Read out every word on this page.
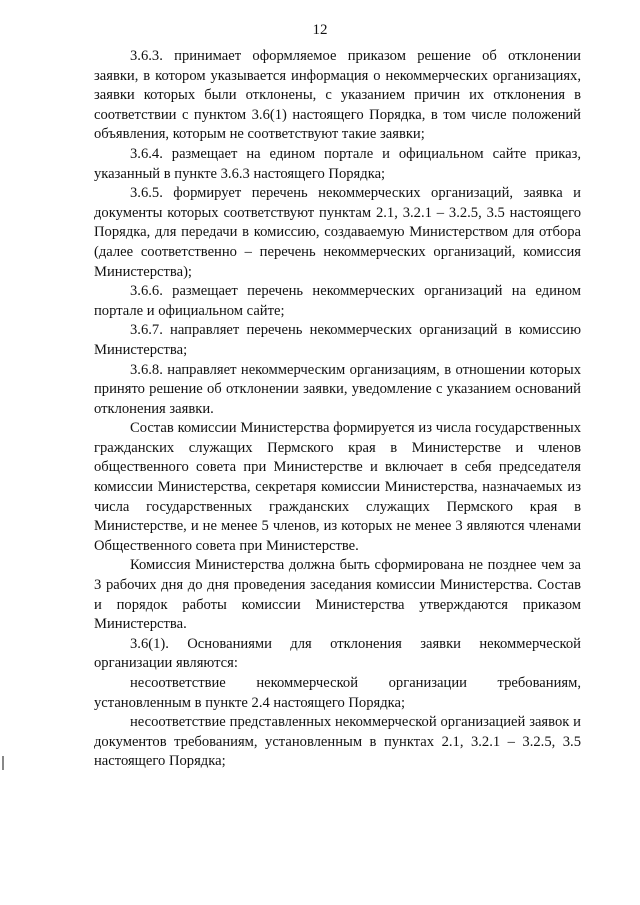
12

3.6.3. принимает оформляемое приказом решение об отклонении заявки, в котором указывается информация о некоммерческих организациях, заявки которых были отклонены, с указанием причин их отклонения в соответствии с пунктом 3.6(1) настоящего Порядка, в том числе положений объявления, которым не соответствуют такие заявки;

3.6.4. размещает на едином портале и официальном сайте приказ, указанный в пункте 3.6.3 настоящего Порядка;

3.6.5. формирует перечень некоммерческих организаций, заявка и документы которых соответствуют пунктам 2.1, 3.2.1 – 3.2.5, 3.5 настоящего Порядка, для передачи в комиссию, создаваемую Министерством для отбора (далее соответственно – перечень некоммерческих организаций, комиссия Министерства);

3.6.6. размещает перечень некоммерческих организаций на едином портале и официальном сайте;

3.6.7. направляет перечень некоммерческих организаций в комиссию Министерства;

3.6.8. направляет некоммерческим организациям, в отношении которых принято решение об отклонении заявки, уведомление с указанием оснований отклонения заявки.

Состав комиссии Министерства формируется из числа государственных гражданских служащих Пермского края в Министерстве и членов общественного совета при Министерстве и включает в себя председателя комиссии Министерства, секретаря комиссии Министерства, назначаемых из числа государственных гражданских служащих Пермского края в Министерстве, и не менее 5 членов, из которых не менее 3 являются членами Общественного совета при Министерстве.

Комиссия Министерства должна быть сформирована не позднее чем за 3 рабочих дня до дня проведения заседания комиссии Министерства. Состав и порядок работы комиссии Министерства утверждаются приказом Министерства.

3.6(1). Основаниями для отклонения заявки некоммерческой организации являются:

несоответствие некоммерческой организации требованиям, установленным в пункте 2.4 настоящего Порядка;

несоответствие представленных некоммерческой организацией заявок и документов требованиям, установленным в пунктах 2.1, 3.2.1 – 3.2.5, 3.5 настоящего Порядка;
